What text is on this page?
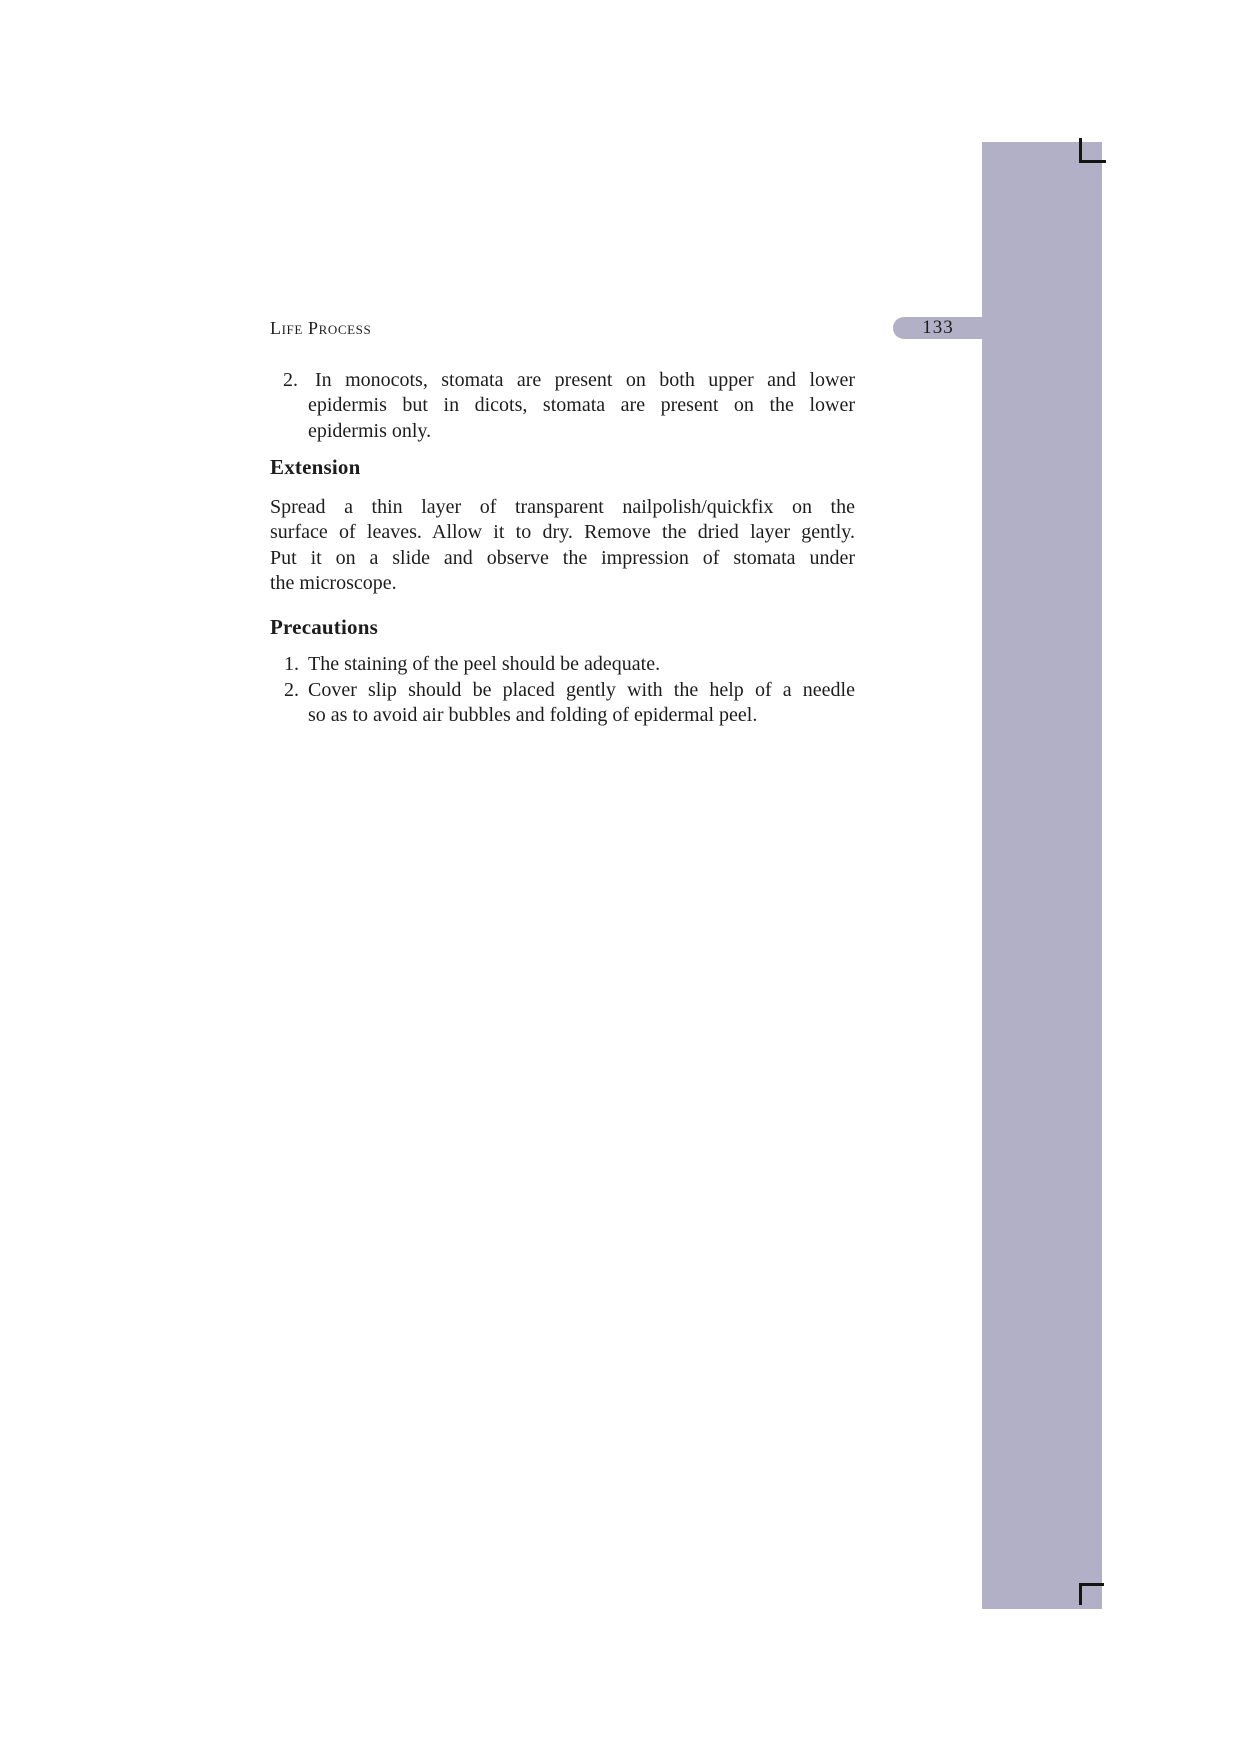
Life Process	133
2. In monocots, stomata are present on both upper and lower
epidermis but in dicots, stomata are present on the lower
epidermis only.
Extension
Spread a thin layer of transparent nailpolish/quickfix on the
surface of leaves. Allow it to dry. Remove the dried layer gently.
Put it on a slide and observe the impression of stomata under
the microscope.
Precautions
1. The staining of the peel should be adequate.
2. Cover slip should be placed gently with the help of a needle
so as to avoid air bubbles and folding of epidermal peel.
